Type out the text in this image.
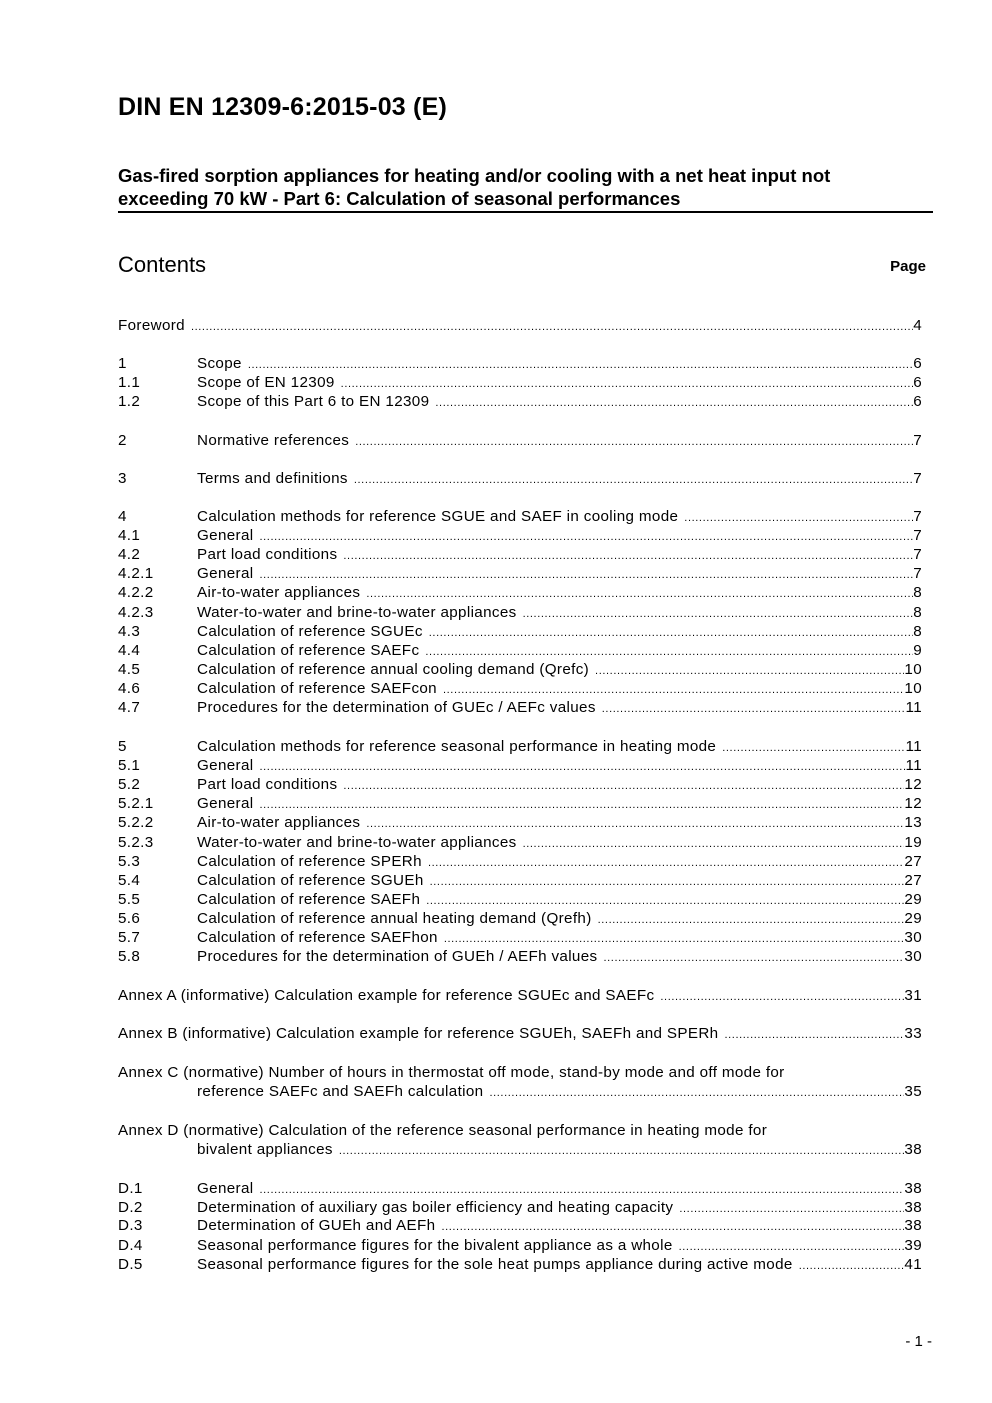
DIN EN 12309-6:2015-03 (E)
Gas-fired sorption appliances for heating and/or cooling with a net heat input not
exceeding 70 kW - Part 6: Calculation of seasonal performances
Contents	Page
Foreword .....	4
1	Scope .....	6
1.1	Scope of EN 12309 .....	6
1.2	Scope of this Part 6 to EN 12309 .....	6
2	Normative references .....	7
3	Terms and definitions .....	7
4	Calculation methods for reference SGUE and SAEF in cooling mode .....	7
4.1	General .....	7
4.2	Part load conditions .....	7
4.2.1	General .....	7
4.2.2	Air-to-water appliances .....	8
4.2.3	Water-to-water and brine-to-water appliances .....	8
4.3	Calculation of reference SGUEc .....	8
4.4	Calculation of reference SAEFc .....	9
4.5	Calculation of reference annual cooling demand (Qrefc) .....	10
4.6	Calculation of reference SAEFcon .....	10
4.7	Procedures for the determination of GUEc / AEFc values .....	11
5	Calculation methods for reference seasonal performance in heating mode .....	11
5.1	General .....	11
5.2	Part load conditions .....	12
5.2.1	General .....	12
5.2.2	Air-to-water appliances .....	13
5.2.3	Water-to-water and brine-to-water appliances .....	19
5.3	Calculation of reference SPERh .....	27
5.4	Calculation of reference SGUEh .....	27
5.5	Calculation of reference SAEFh .....	29
5.6	Calculation of reference annual heating demand (Qrefh) .....	29
5.7	Calculation of reference SAEFhon .....	30
5.8	Procedures for the determination of GUEh / AEFh values .....	30
Annex A (informative) Calculation example for reference SGUEc and SAEFc .....	31
Annex B (informative) Calculation example for reference SGUEh, SAEFh and SPERh .....	33
Annex C (normative) Number of hours in thermostat off mode, stand-by mode and off mode for
reference SAEFc and SAEFh calculation .....	35
Annex D (normative) Calculation of the reference seasonal performance in heating mode for
bivalent appliances .....	38
D.1	General .....	38
D.2	Determination of auxiliary gas boiler efficiency and heating capacity .....	38
D.3	Determination of GUEh and AEFh .....	38
D.4	Seasonal performance figures for the bivalent appliance as a whole .....	39
D.5	Seasonal performance figures for the sole heat pumps appliance during active mode .....	41
- 1 -
